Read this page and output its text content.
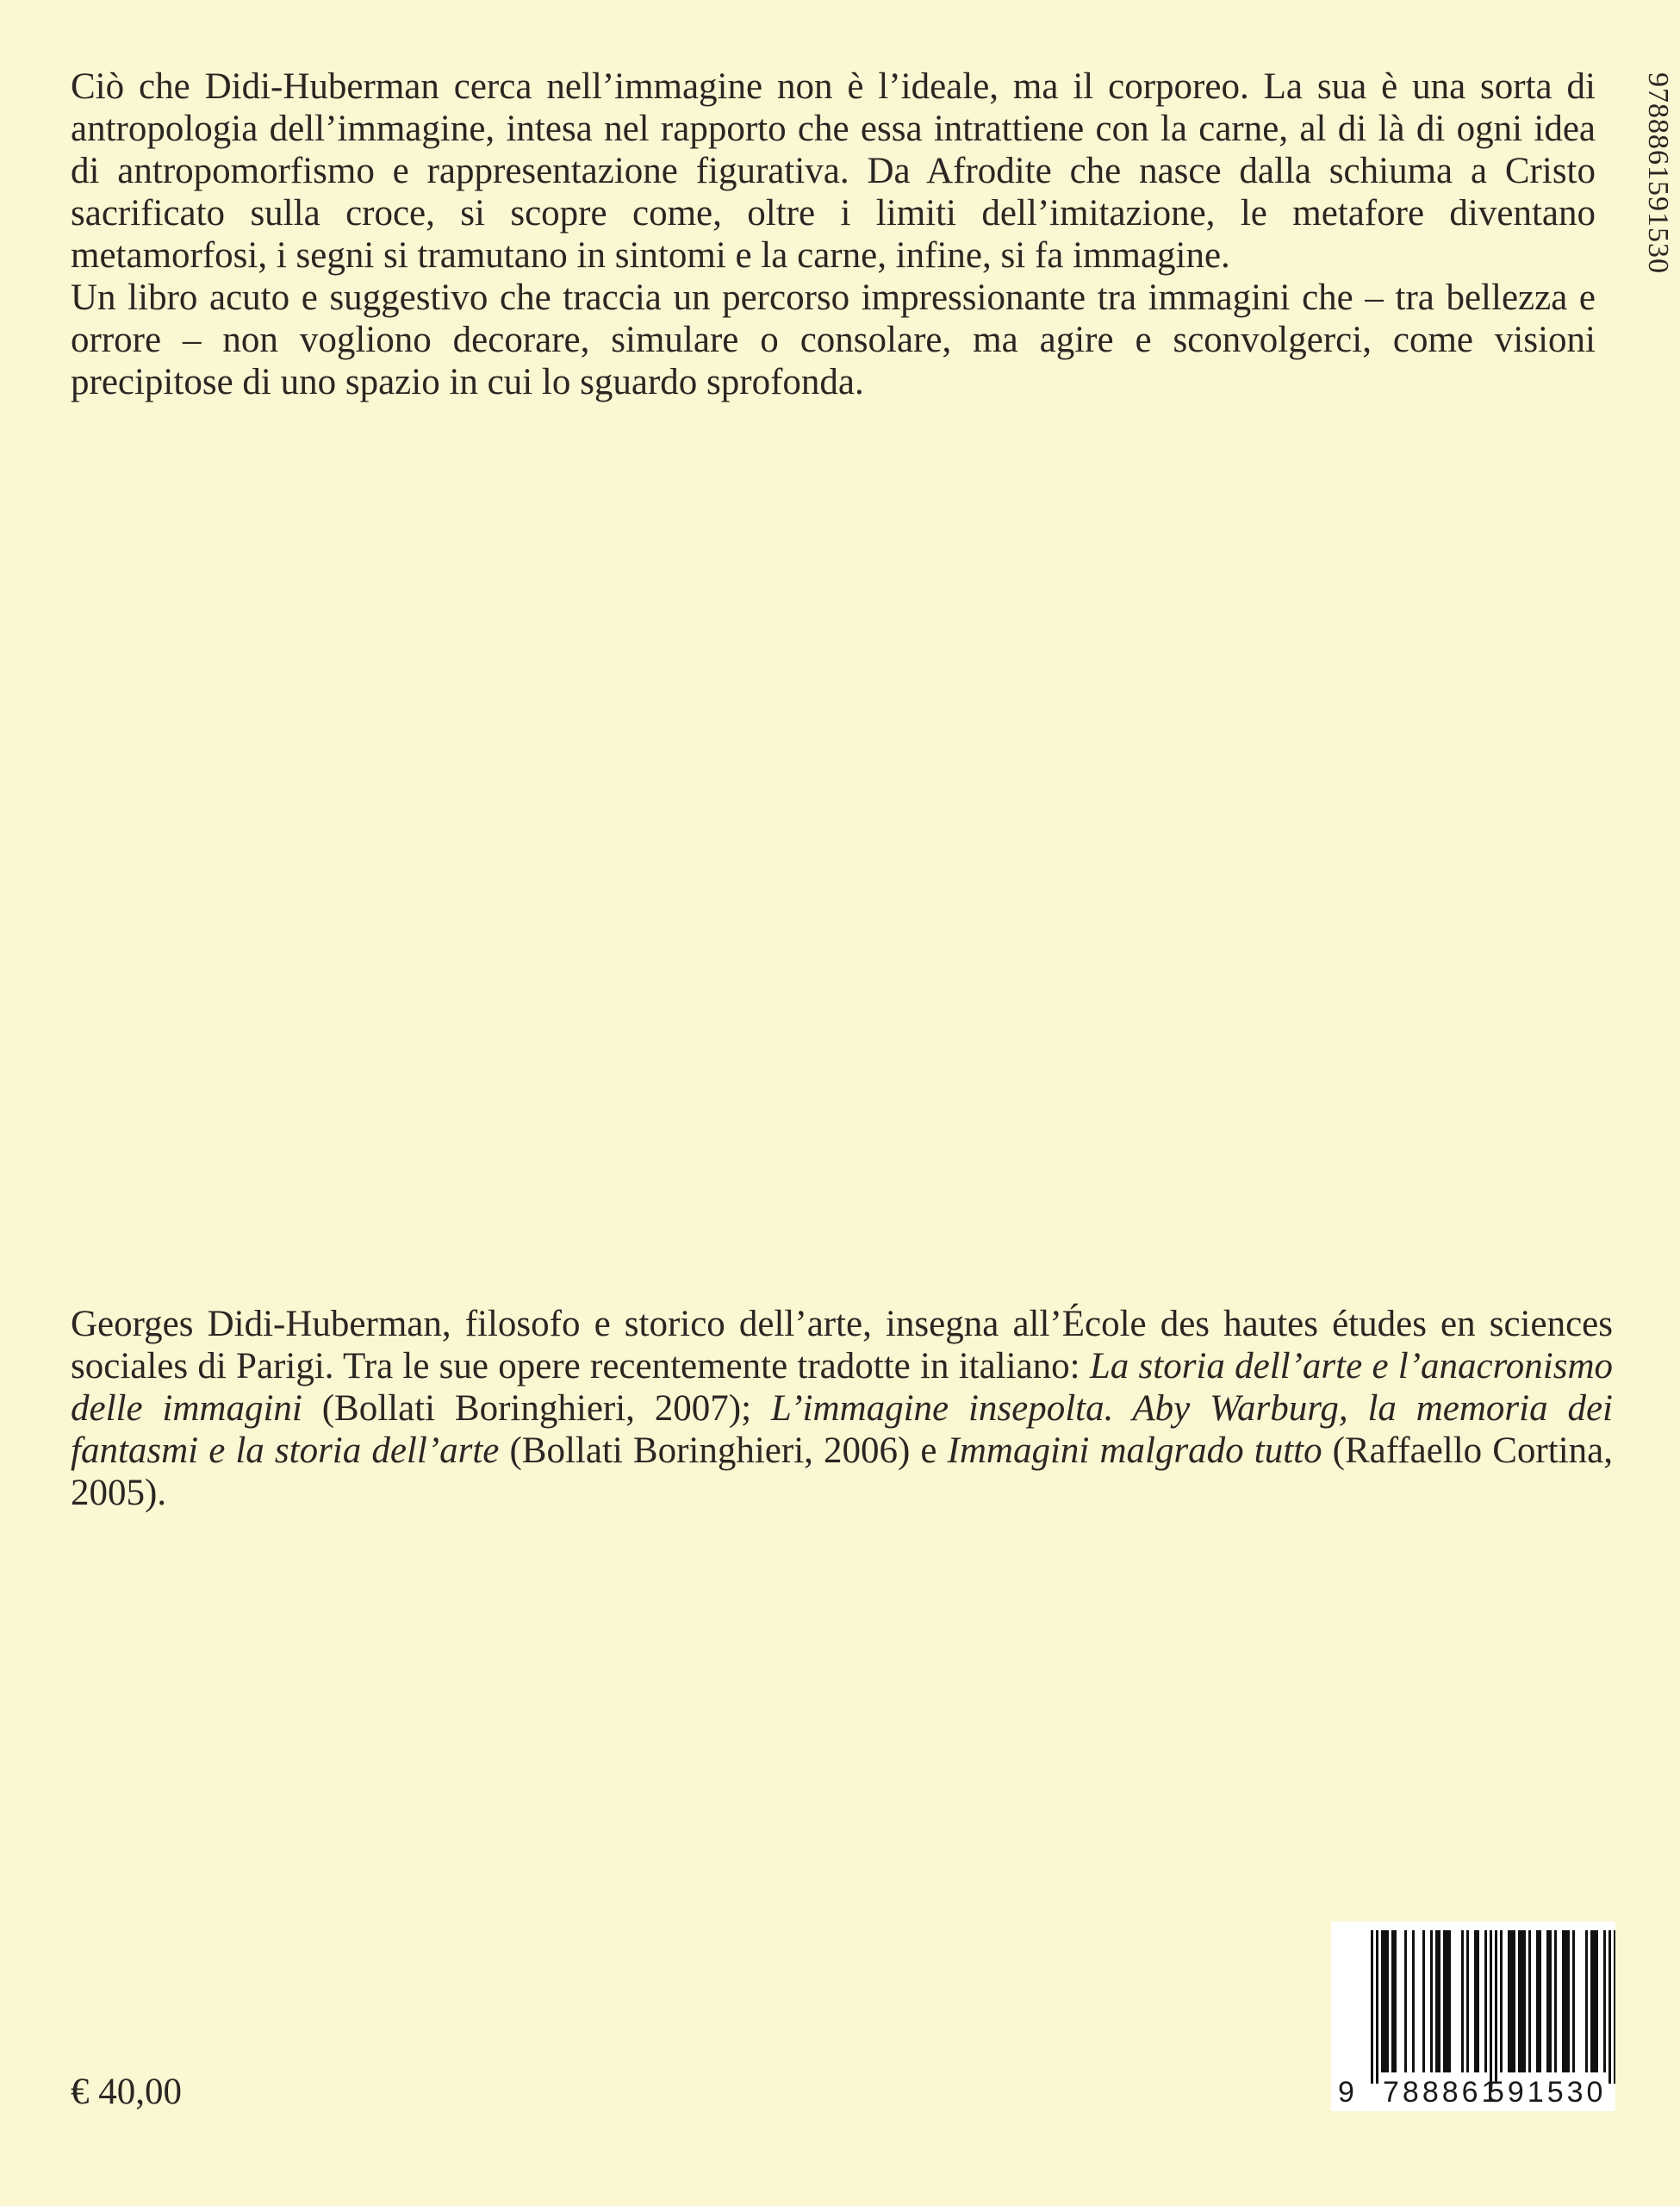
9788861591530

Ciò che Didi-Huberman cerca nell’immagine non è l’ideale, ma il corporeo. La sua è una sorta di antropologia dell’immagine, intesa nel rapporto che essa intrattiene con la carne, al di là di ogni idea di antropomorfismo e rappresentazione figurativa. Da Afrodite che nasce dalla schiuma a Cristo sacrificato sulla croce, si scopre come, oltre i limiti dell’imitazione, le metafore diventano metamorfosi, i segni si tramutano in sintomi e la carne, infine, si fa immagine.

Un libro acuto e suggestivo che traccia un percorso impressionante tra immagini che – tra bellezza e orrore – non vogliono decorare, simulare o consolare, ma agire e sconvolgerci, come visioni precipitose di uno spazio in cui lo sguardo sprofonda.

Georges Didi-Huberman, filosofo e storico dell’arte, insegna all’École des hautes études en sciences sociales di Parigi. Tra le sue opere recentemente tradotte in italiano: La storia dell’arte e l’anacronismo delle immagini (Bollati Boringhieri, 2007); L’immagine insepolta. Aby Warburg, la memoria dei fantasmi e la storia dell’arte (Bollati Boringhieri, 2006) e Immagini malgrado tutto (Raffaello Cortina, 2005).

€ 40,00	9 788861
591530
